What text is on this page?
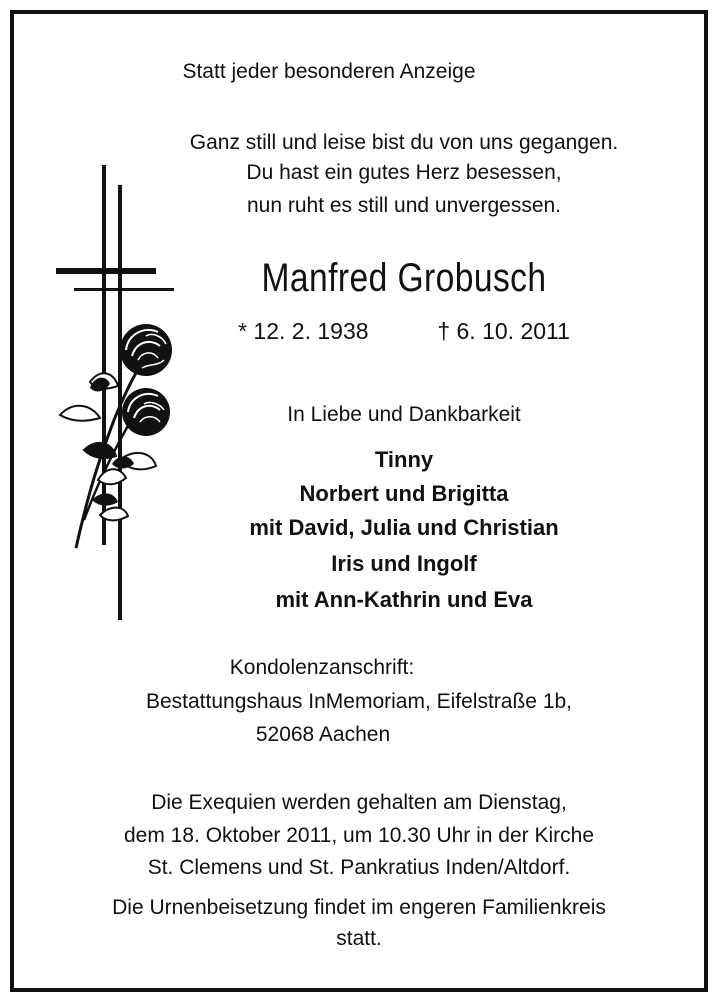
Statt jeder besonderen Anzeige
Ganz still und leise bist du von uns gegangen.
Du hast ein gutes Herz besessen,
nun ruht es still und unvergessen.
Manfred Grobusch
* 12. 2. 1938	† 6. 10. 2011
In Liebe und Dankbarkeit
Tinny
Norbert und Brigitta
mit David, Julia und Christian
Iris und Ingolf
mit Ann-Kathrin und Eva
Kondolenzanschrift:
Bestattungshaus InMemoriam, Eifelstraße 1b,
52068 Aachen
Die Exequien werden gehalten am Dienstag,
dem 18. Oktober 2011, um 10.30 Uhr in der Kirche
St. Clemens und St. Pankratius Inden/Altdorf.
Die Urnenbeisetzung findet im engeren Familienkreis
statt.
